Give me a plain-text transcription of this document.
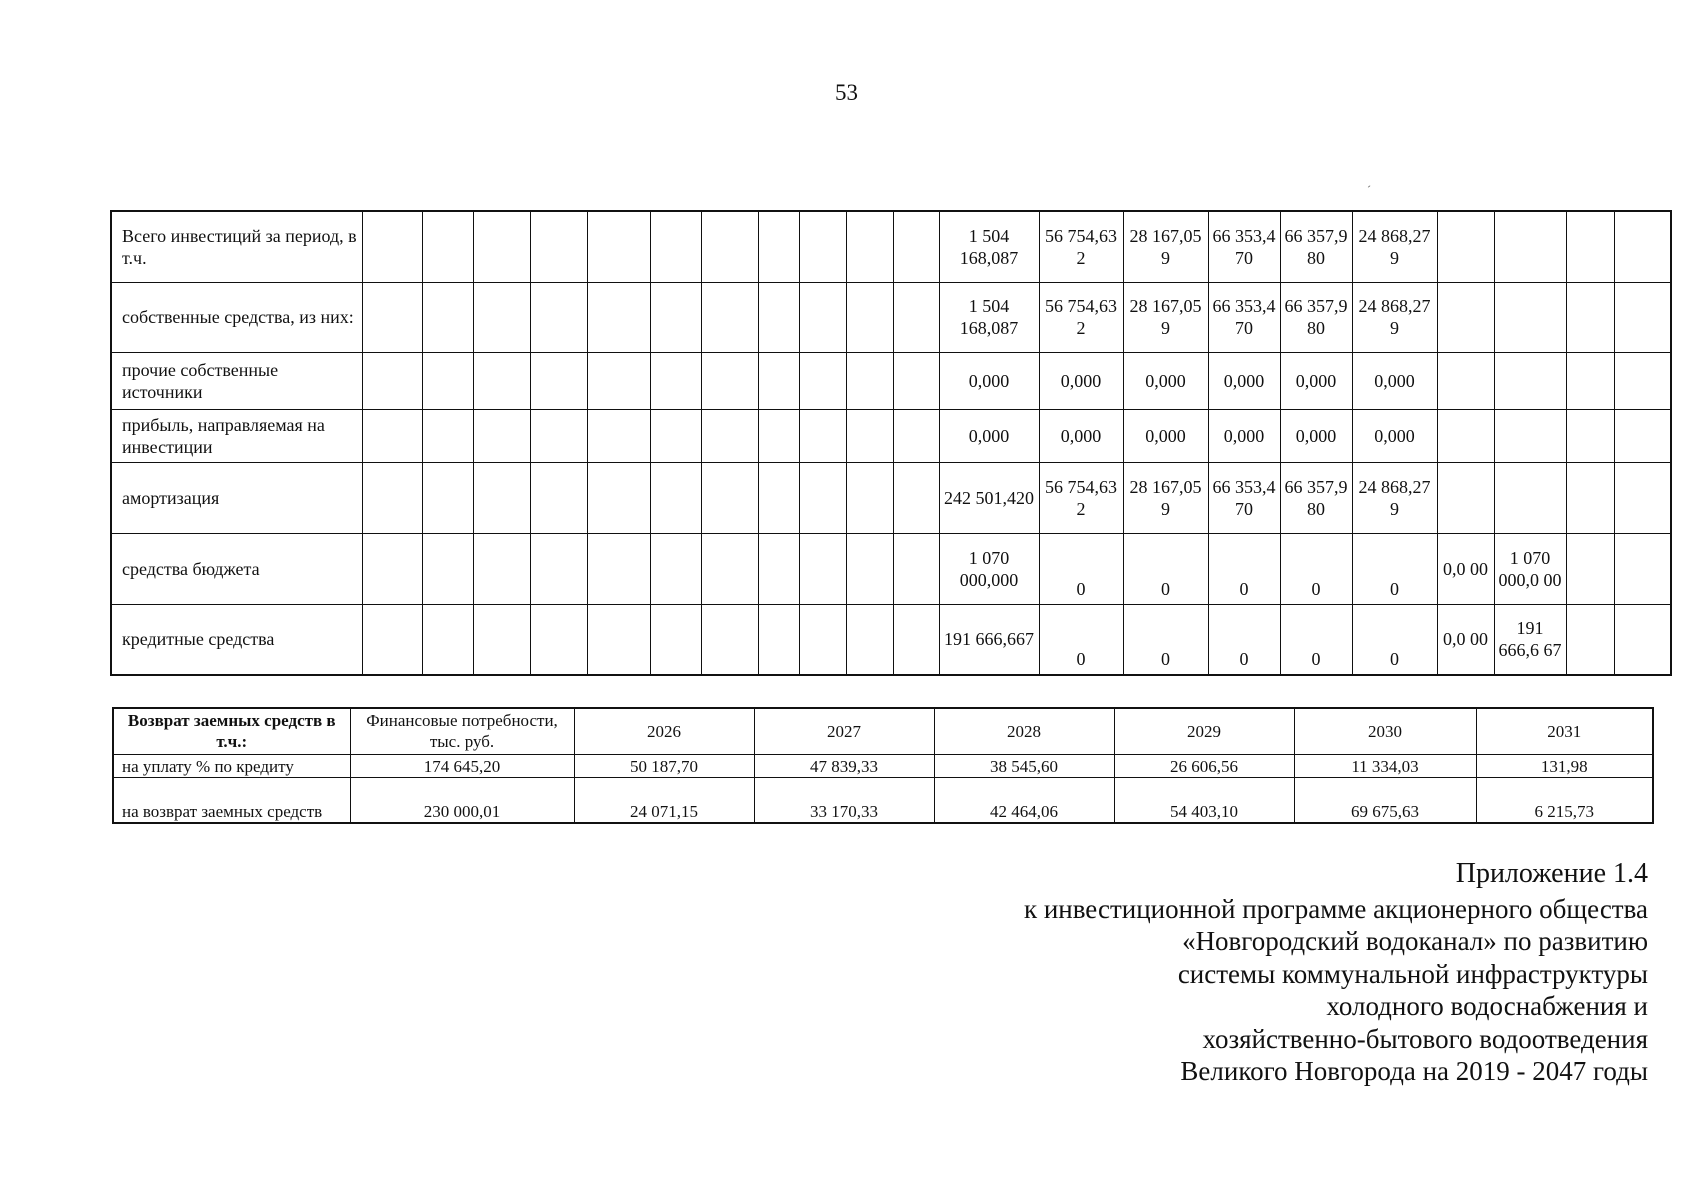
53
´
Всего инвестиций за период, в т.ч.												1 504 168,087	56 754,63 2	28 167,05 9	66 353,4 70	66 357,9 80	24 868,27 9				
собственные средства, из них:												1 504 168,087	56 754,63 2	28 167,05 9	66 353,4 70	66 357,9 80	24 868,27 9				
прочие собственные источники												0,000	0,000	0,000	0,000	0,000	0,000				
прибыль, направляемая на инвестиции												0,000	0,000	0,000	0,000	0,000	0,000				
амортизация												242 501,420	56 754,63 2	28 167,05 9	66 353,4 70	66 357,9 80	24 868,27 9				
средства бюджета												1 070 000,000	0	0	0	0	0	0,0 00	1 070 000,0 00		
кредитные средства												191 666,667	0	0	0	0	0	0,0 00	191 666,6 67		
Возврат заемных средств в т.ч.:	Финансовые потребности, тыс. руб.	2026	2027	2028	2029	2030	2031
на уплату % по кредиту	174 645,20	50 187,70	47 839,33	38 545,60	26 606,56	11 334,03	131,98
на возврат заемных средств	230 000,01	24 071,15	33 170,33	42 464,06	54 403,10	69 675,63	6 215,73
Приложение 1.4
к инвестиционной программе акционерного общества
«Новгородский водоканал» по развитию
системы коммунальной инфраструктуры
холодного водоснабжения и
хозяйственно-бытового водоотведения
Великого Новгорода на 2019 - 2047 годы
